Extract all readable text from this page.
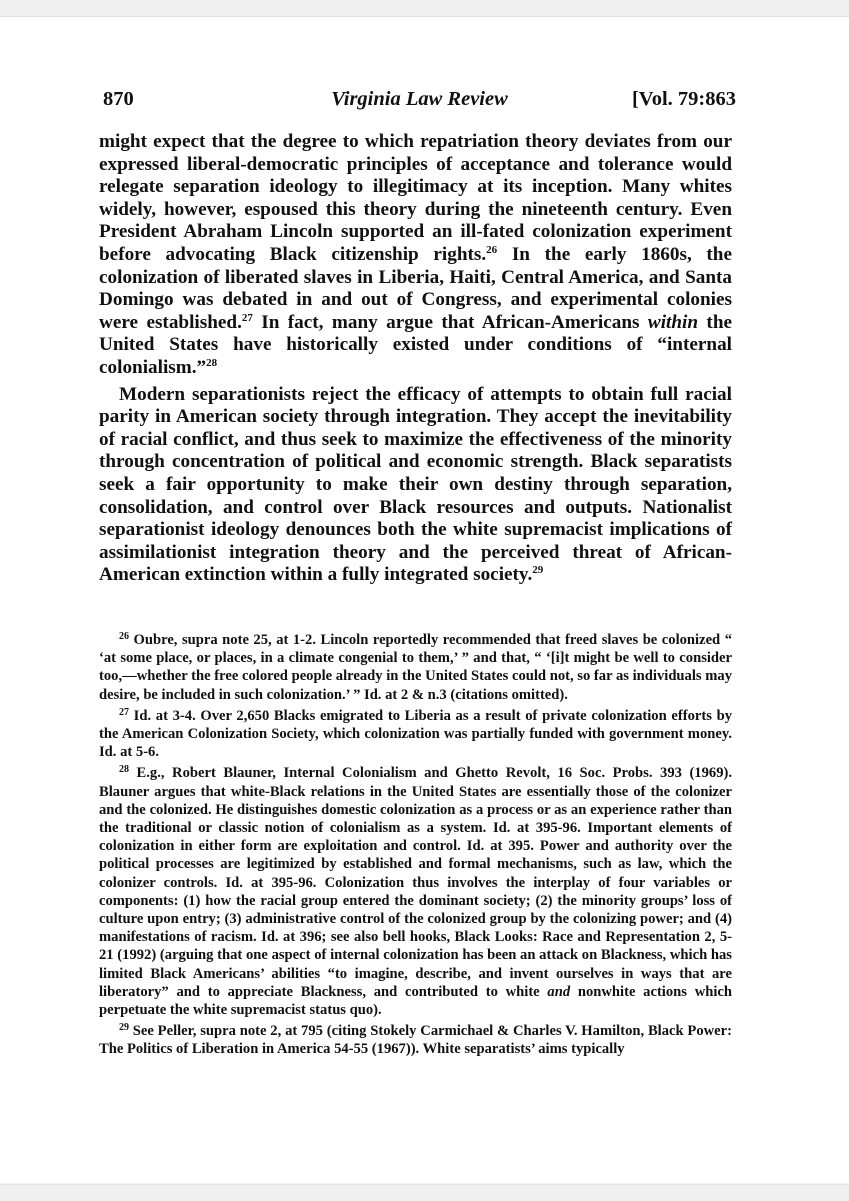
870	Virginia Law Review	[Vol. 79:863

might expect that the degree to which repatriation theory deviates from our expressed liberal-democratic principles of acceptance and tolerance would relegate separation ideology to illegitimacy at its inception. Many whites widely, however, espoused this theory during the nineteenth century. Even President Abraham Lincoln supported an ill-fated colonization experiment before advocating Black citizenship rights.$^{26}$ In the early 1860s, the colonization of liberated slaves in Liberia, Haiti, Central America, and Santa Domingo was debated in and out of Congress, and experimental colonies were established.$^{27}$ In fact, many argue that African-Americans within the United States have historically existed under conditions of “internal colonialism.”$^{28}$

Modern separationists reject the efficacy of attempts to obtain full racial parity in American society through integration. They accept the inevitability of racial conflict, and thus seek to maximize the effectiveness of the minority through concentration of political and economic strength. Black separatists seek a fair opportunity to make their own destiny through separation, consolidation, and control over Black resources and outputs. Nationalist separationist ideology denounces both the white supremacist implications of assimilationist integration theory and the perceived threat of African-American extinction within a fully integrated society.$^{29}$

$^{26}$ Oubre, supra note 25, at 1-2. Lincoln reportedly recommended that freed slaves be colonized “ ‘at some place, or places, in a climate congenial to them,’ ” and that, “ ‘[i]t might be well to consider too,—whether the free colored people already in the United States could not, so far as individuals may desire, be included in such colonization.’ ” Id. at 2 & n.3 (citations omitted).

$^{27}$ Id. at 3-4. Over 2,650 Blacks emigrated to Liberia as a result of private colonization efforts by the American Colonization Society, which colonization was partially funded with government money. Id. at 5-6.

$^{28}$ E.g., Robert Blauner, Internal Colonialism and Ghetto Revolt, 16 Soc. Probs. 393 (1969). Blauner argues that white-Black relations in the United States are essentially those of the colonizer and the colonized. He distinguishes domestic colonization as a process or as an experience rather than the traditional or classic notion of colonialism as a system. Id. at 395-96. Important elements of colonization in either form are exploitation and control. Id. at 395. Power and authority over the political processes are legitimized by established and formal mechanisms, such as law, which the colonizer controls. Id. at 395-96. Colonization thus involves the interplay of four variables or components: (1) how the racial group entered the dominant society; (2) the minority groups’ loss of culture upon entry; (3) administrative control of the colonized group by the colonizing power; and (4) manifestations of racism. Id. at 396; see also bell hooks, Black Looks: Race and Representation 2, 5-21 (1992) (arguing that one aspect of internal colonization has been an attack on Blackness, which has limited Black Americans’ abilities “to imagine, describe, and invent ourselves in ways that are liberatory” and to appreciate Blackness, and contributed to white and nonwhite actions which perpetuate the white supremacist status quo).

$^{29}$ See Peller, supra note 2, at 795 (citing Stokely Carmichael & Charles V. Hamilton, Black Power: The Politics of Liberation in America 54-55 (1967)). White separatists’ aims typically
